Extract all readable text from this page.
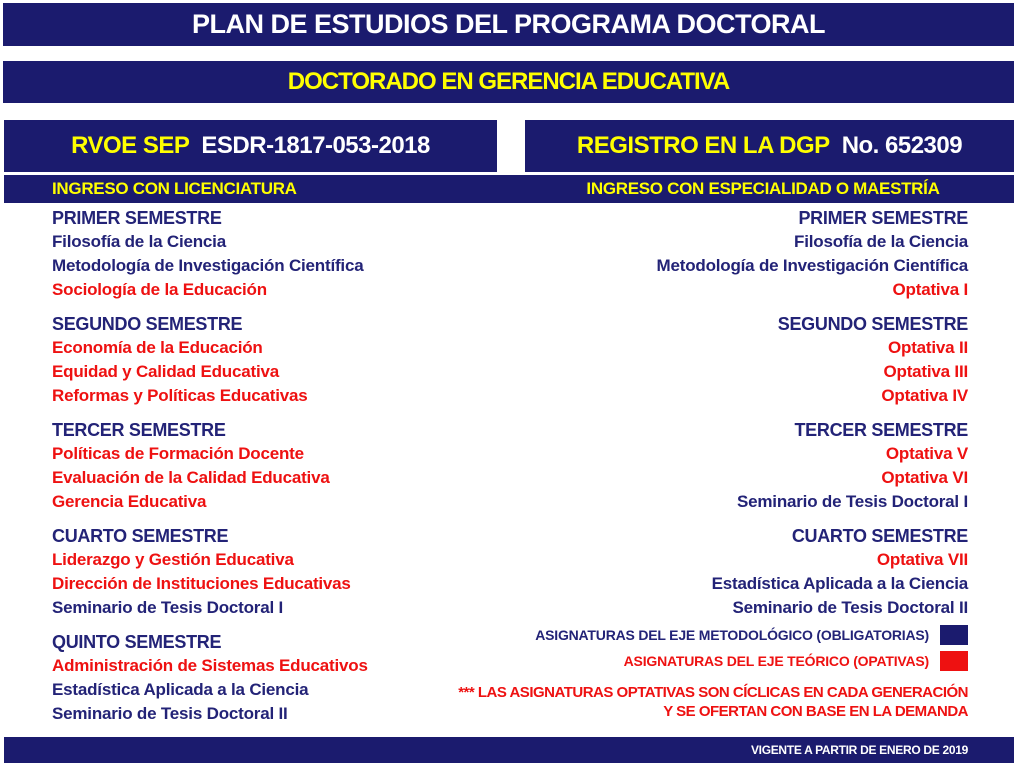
PLAN DE ESTUDIOS DEL PROGRAMA DOCTORAL
DOCTORADO EN GERENCIA EDUCATIVA
RVOE SEP ESDR-1817-053-2018	REGISTRO EN LA DGP No. 652309
INGRESO CON LICENCIATURA	INGRESO CON ESPECIALIDAD O MAESTRÍA
PRIMER SEMESTRE
Filosofía de la Ciencia
Metodología de Investigación Científica
Sociología de la Educación
SEGUNDO SEMESTRE
Economía de la Educación
Equidad y Calidad Educativa
Reformas y Políticas Educativas
TERCER SEMESTRE
Políticas de Formación Docente
Evaluación de la Calidad Educativa
Gerencia Educativa
CUARTO SEMESTRE
Liderazgo y Gestión Educativa
Dirección de Instituciones Educativas
Seminario de Tesis Doctoral I
QUINTO SEMESTRE
Administración de Sistemas Educativos
Estadística Aplicada a la Ciencia
Seminario de Tesis Doctoral II
PRIMER SEMESTRE
Filosofía de la Ciencia
Metodología de Investigación Científica
Optativa I
SEGUNDO SEMESTRE
Optativa II
Optativa III
Optativa IV
TERCER SEMESTRE
Optativa V
Optativa VI
Seminario de Tesis Doctoral I
CUARTO SEMESTRE
Optativa VII
Estadística Aplicada a la Ciencia
Seminario de Tesis Doctoral II
ASIGNATURAS DEL EJE METODOLÓGICO (OBLIGATORIAS)
ASIGNATURAS DEL EJE TEÓRICO (OPATIVAS)
*** LAS ASIGNATURAS OPTATIVAS SON CÍCLICAS EN CADA GENERACIÓN
Y SE OFERTAN CON BASE EN LA DEMANDA
VIGENTE A PARTIR DE ENERO DE 2019
